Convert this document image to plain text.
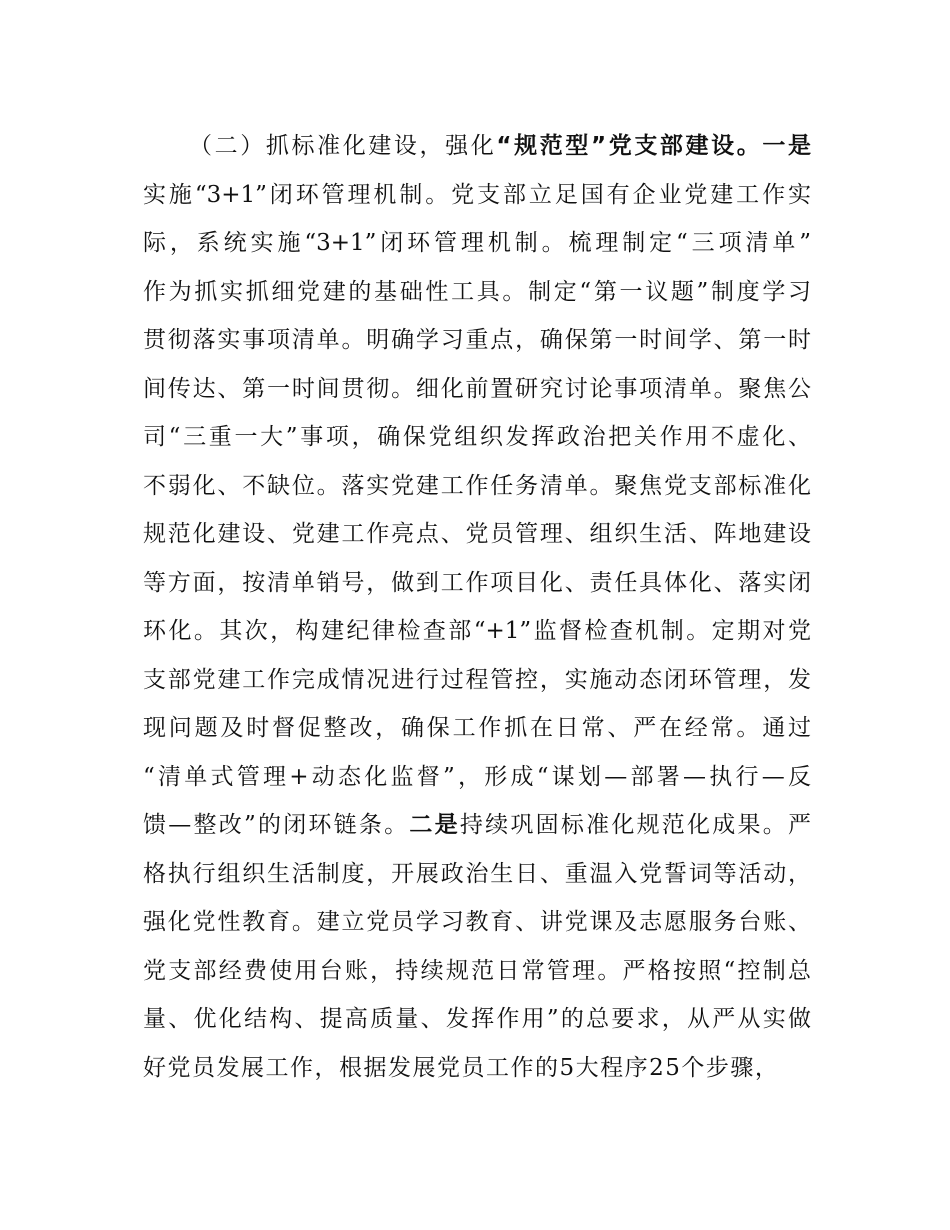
（二）抓标准化建设，强化“规范型”党支部建设。一是
实施“3+1”闭环管理机制。党支部立足国有企业党建工作实
际，系统实施“3+1”闭环管理机制。梳理制定“三项清单”
作为抓实抓细党建的基础性工具。制定“第一议题”制度学习
贯彻落实事项清单。明确学习重点，确保第一时间学、第一时
间传达、第一时间贯彻。细化前置研究讨论事项清单。聚焦公
司“三重一大”事项，确保党组织发挥政治把关作用不虚化、
不弱化、不缺位。落实党建工作任务清单。聚焦党支部标准化
规范化建设、党建工作亮点、党员管理、组织生活、阵地建设
等方面，按清单销号，做到工作项目化、责任具体化、落实闭
环化。其次，构建纪律检查部“+1”监督检查机制。定期对党
支部党建工作完成情况进行过程管控，实施动态闭环管理，发
现问题及时督促整改，确保工作抓在日常、严在经常。通过
“清单式管理+动态化监督”，形成“谋划—部署—执行—反
馈—整改”的闭环链条。二是持续巩固标准化规范化成果。严
格执行组织生活制度，开展政治生日、重温入党誓词等活动，
强化党性教育。建立党员学习教育、讲党课及志愿服务台账、
党支部经费使用台账，持续规范日常管理。严格按照“控制总
量、优化结构、提高质量、发挥作用”的总要求，从严从实做
好党员发展工作，根据发展党员工作的5大程序25个步骤，
